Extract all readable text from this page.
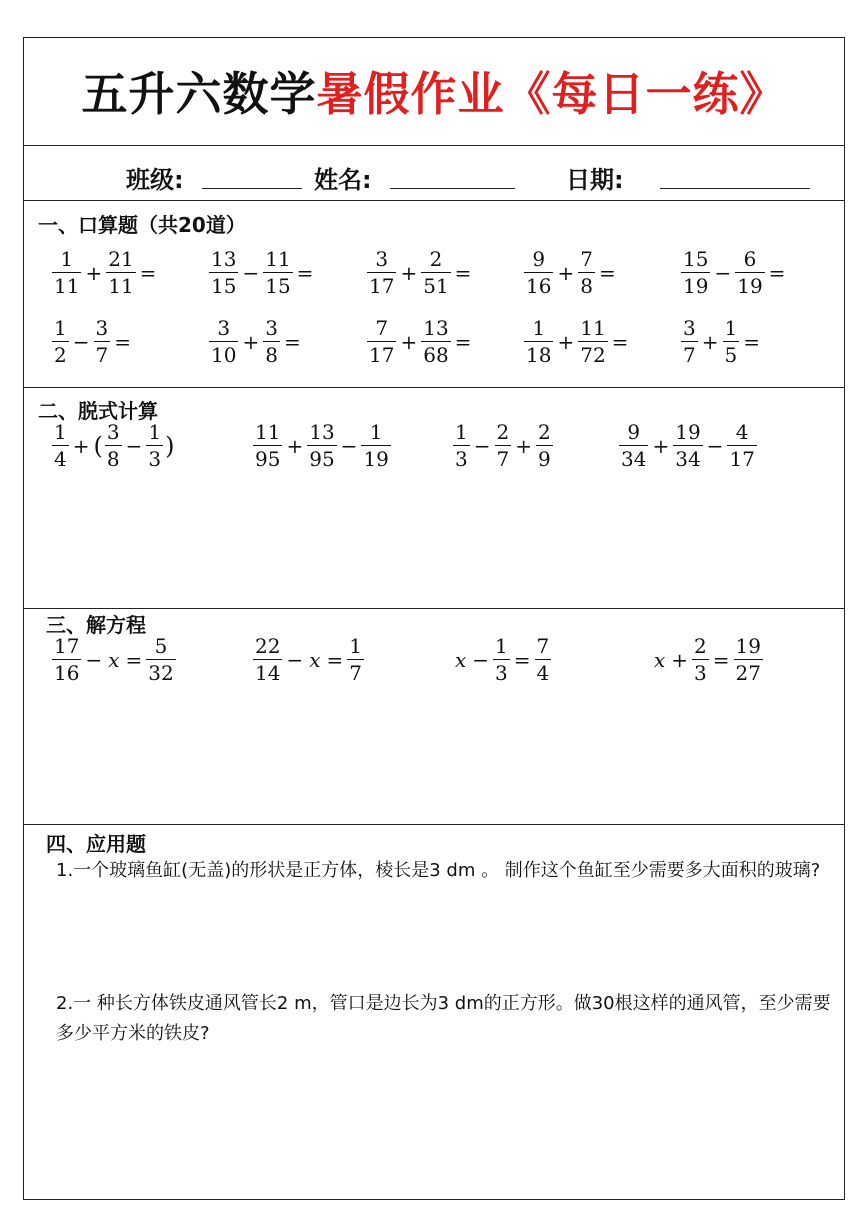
五升六数学暑假作业《每日一练》
班级:	姓名:	日期:
一、口算题（共20道）
$\frac{1}{11} + \frac{21}{11}$ =	$\frac{13}{15} - \frac{11}{15}$ =	$\frac{3}{17} + \frac{2}{51}$ =	$\frac{9}{16} + \frac{7}{8}$ =	$\frac{15}{19} - \frac{6}{19}$ =
$\frac{1}{2} - \frac{3}{7}$ =	$\frac{3}{10} + \frac{3}{8}$ =	$\frac{7}{17} + \frac{13}{68}$ =	$\frac{1}{18} + \frac{11}{72}$ =	$\frac{3}{7} + \frac{1}{5}$ =
二、脱式计算
$\frac{1}{4}$ + ( $\frac{3}{8} - \frac{1}{3}$ )	$\frac{11}{95} + \frac{13}{95} - \frac{1}{19}$	$\frac{1}{3} - \frac{2}{7} + \frac{2}{9}$	$\frac{9}{34} + \frac{19}{34} - \frac{4}{17}$
三、解方程
$\frac{17}{16} - x = \frac{5}{32}$	$\frac{22}{14} - x = \frac{1}{7}$	$x - \frac{1}{3} = \frac{7}{4}$	$x + \frac{2}{3} = \frac{19}{27}$
四、应用题
1.一个玻璃鱼缸(无盖)的形状是正方体，棱长是3 dm 。 制作这个鱼缸至少需要多大面积的玻璃?
2.一 种长方体铁皮通风管长2 m，管口是边长为3 dm的正方形。做30根这样的通风管，至少需要多少平方米的铁皮?
